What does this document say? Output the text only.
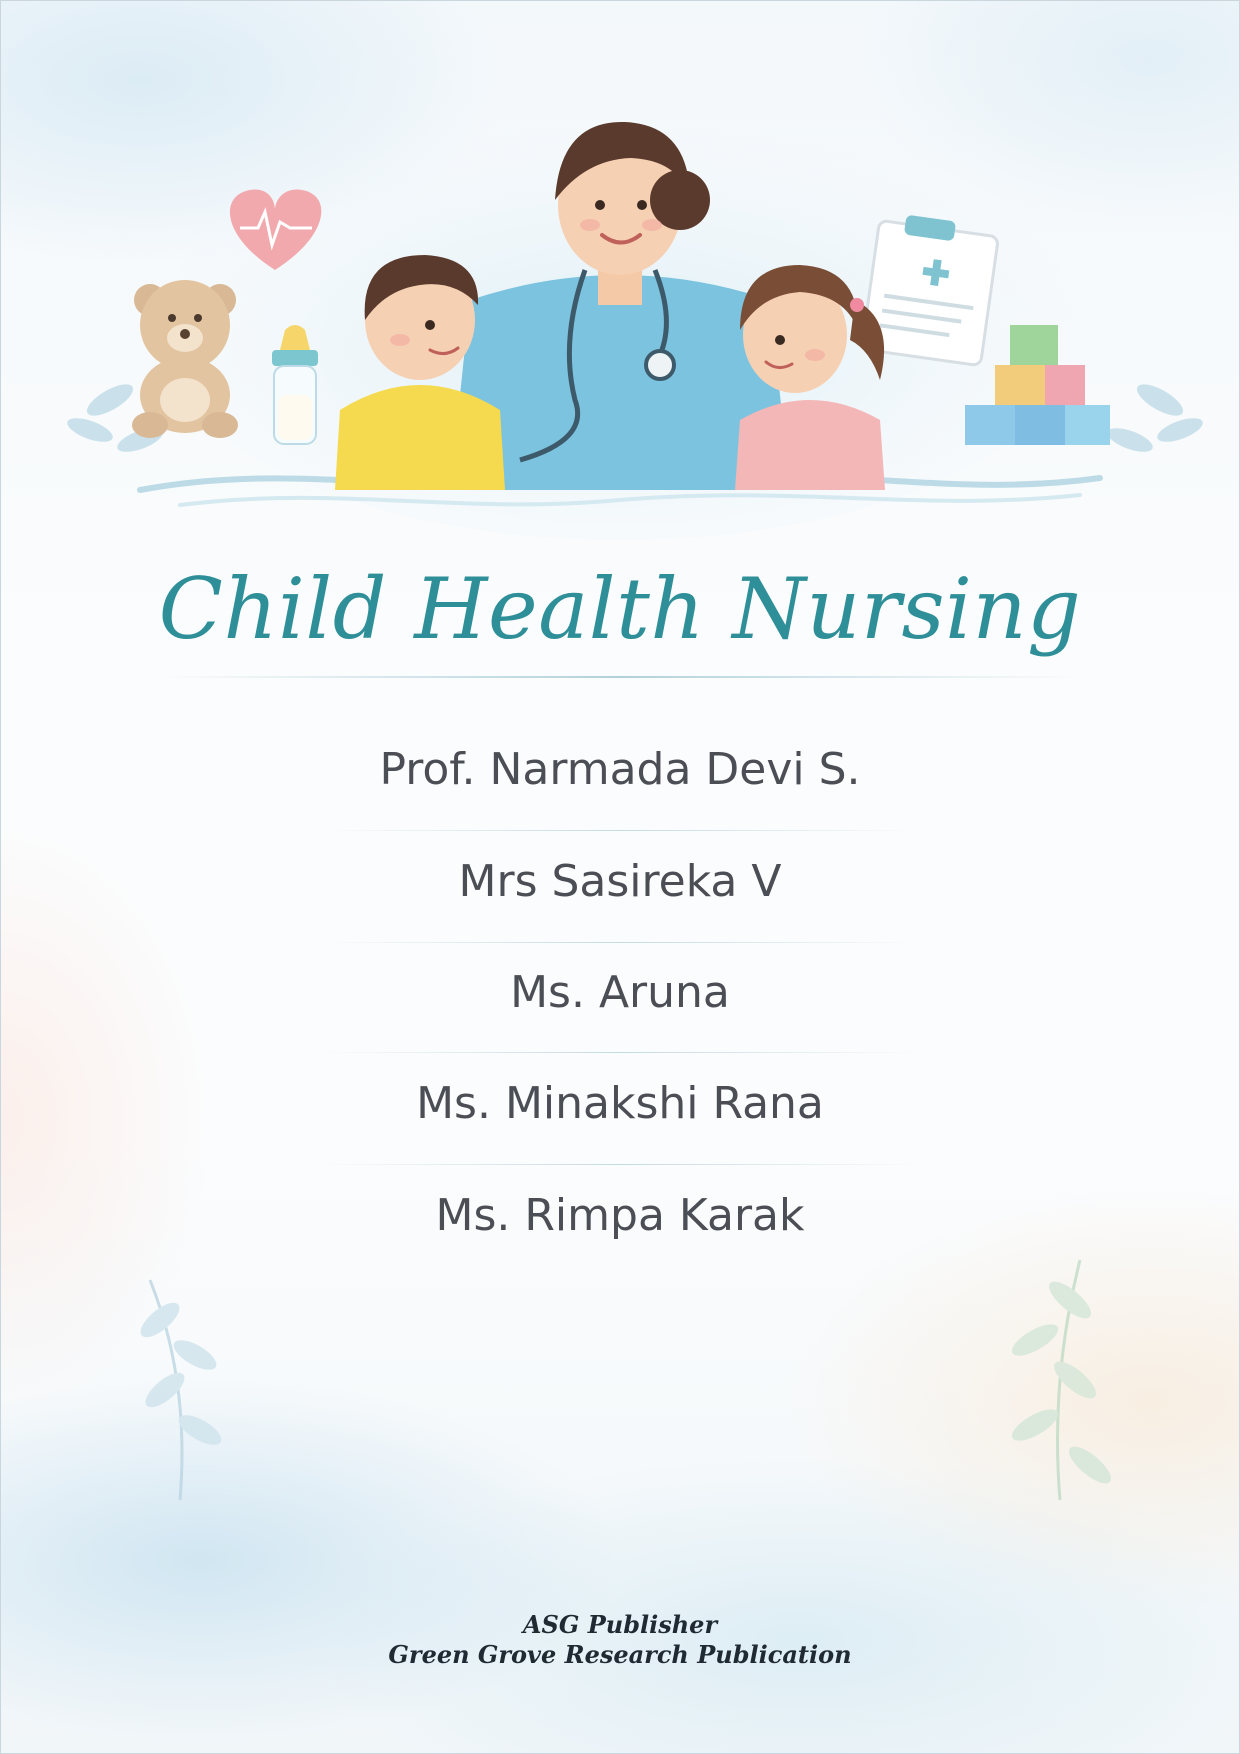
Child Health Nursing
Prof. Narmada Devi S.
Mrs Sasireka V
Ms. Aruna
Ms. Minakshi Rana
Ms. Rimpa Karak
ASG Publisher
Green Grove Research Publication
